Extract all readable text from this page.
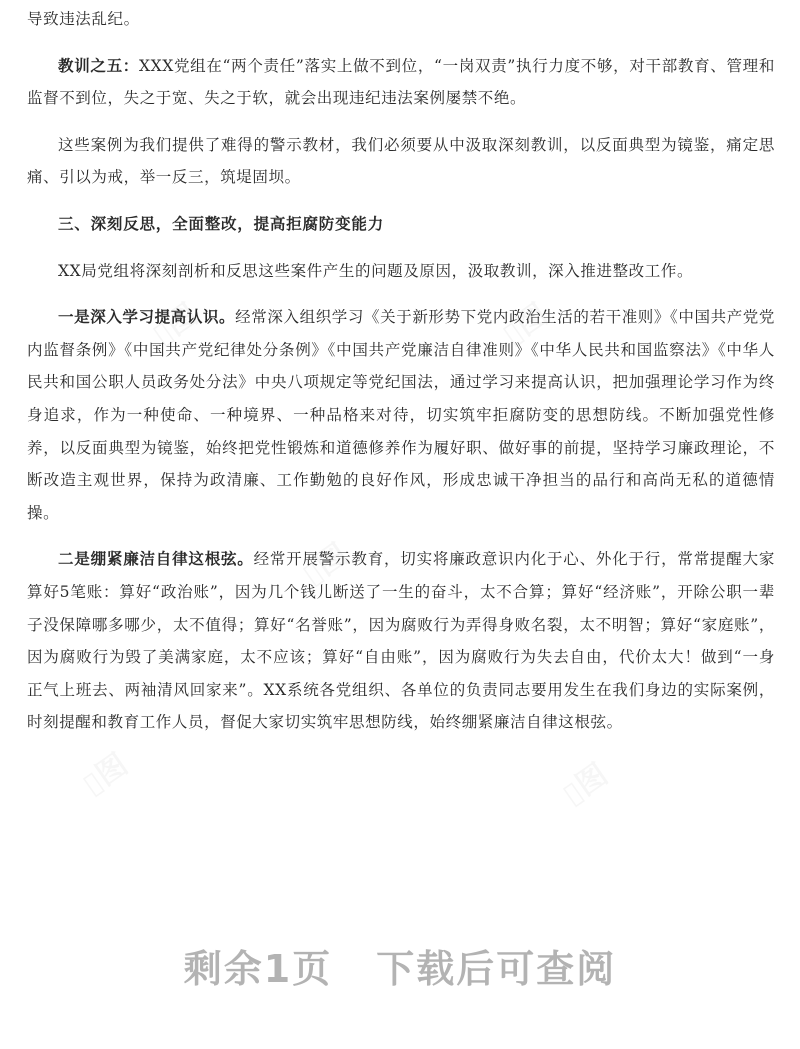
导致违法乱纪。

教训之五：XXX党组在“两个责任”落实上做不到位，“一岗双责”执行力度不够，对干部教育、管理和监督不到位，失之于宽、失之于软，就会出现违纪违法案例屡禁不绝。

这些案例为我们提供了难得的警示教材，我们必须要从中汲取深刻教训，以反面典型为镜鉴，痛定思痛、引以为戒，举一反三，筑堤固坝。

三、深刻反思，全面整改，提高拒腐防变能力

XX局党组将深刻剖析和反思这些案件产生的问题及原因，汲取教训，深入推进整改工作。

一是深入学习提高认识。经常深入组织学习《关于新形势下党内政治生活的若干准则》《中国共产党党内监督条例》《中国共产党纪律处分条例》《中国共产党廉洁自律准则》《中华人民共和国监察法》《中华人民共和国公职人员政务处分法》中央八项规定等党纪国法，通过学习来提高认识，把加强理论学习作为终身追求，作为一种使命、一种境界、一种品格来对待，切实筑牢拒腐防变的思想防线。不断加强党性修养，以反面典型为镜鉴，始终把党性锻炼和道德修养作为履好职、做好事的前提，坚持学习廉政理论，不断改造主观世界，保持为政清廉、工作勤勉的良好作风，形成忠诚干净担当的品行和高尚无私的道德情操。

二是绷紧廉洁自律这根弦。经常开展警示教育，切实将廉政意识内化于心、外化于行，常常提醒大家算好5笔账：算好“政治账”，因为几个钱儿断送了一生的奋斗，太不合算；算好“经济账”，开除公职一辈子没保障哪多哪少，太不值得；算好“名誉账”，因为腐败行为弄得身败名裂，太不明智；算好“家庭账”，因为腐败行为毁了美满家庭，太不应该；算好“自由账”，因为腐败行为失去自由，代价太大！做到“一身正气上班去、两袖清风回家来”。XX系统各党组织、各单位的负责同志要用发生在我们身边的实际案例，时刻提醒和教育工作人员，督促大家切实筑牢思想防线，始终绷紧廉洁自律这根弦。

剩余1页 下载后可查阅
